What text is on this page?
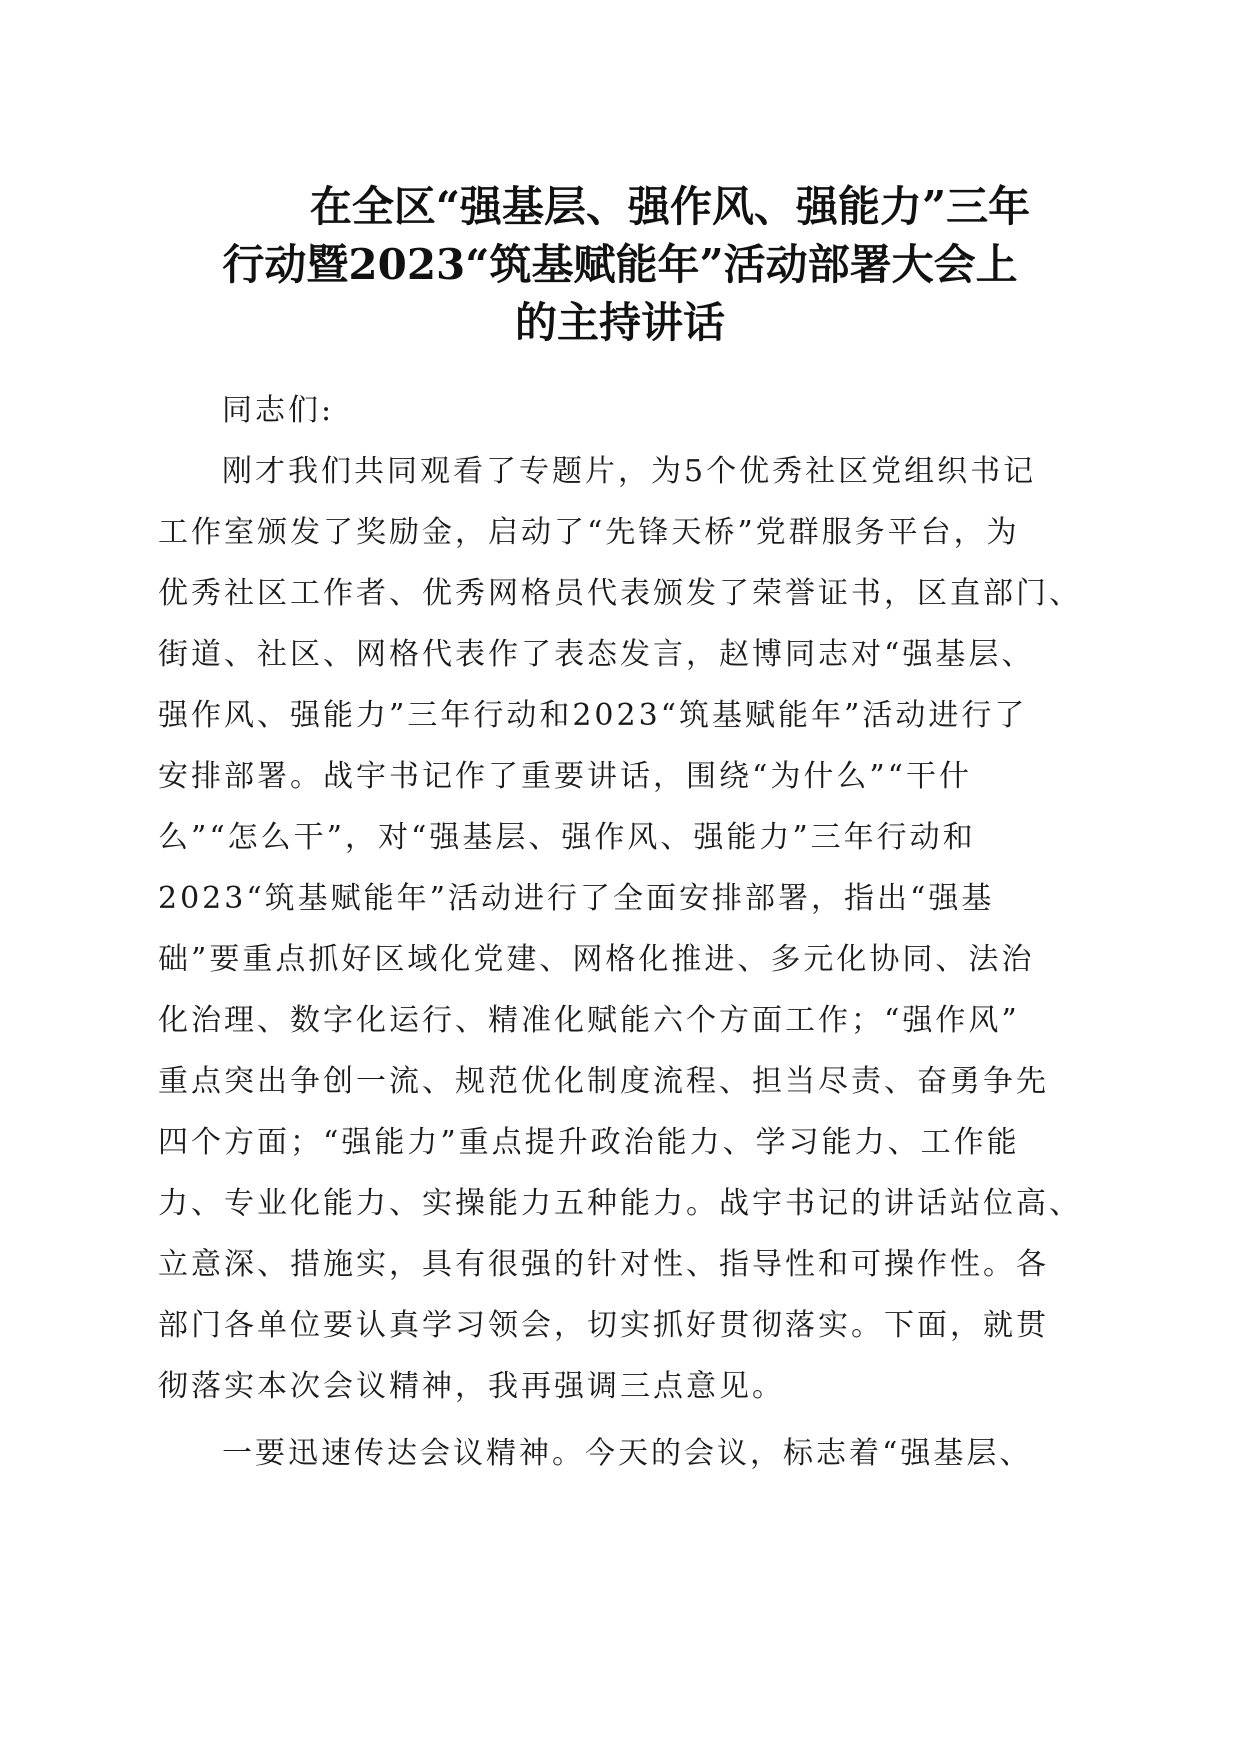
在全区“强基层、强作风、强能力”三年
行动暨2023“筑基赋能年”活动部署大会上
的主持讲话
同志们:
刚才我们共同观看了专题片，为5个优秀社区党组织书记
工作室颁发了奖励金，启动了“先锋天桥”党群服务平台，为
优秀社区工作者、优秀网格员代表颁发了荣誉证书，区直部门、
街道、社区、网格代表作了表态发言，赵博同志对“强基层、
强作风、强能力”三年行动和2023“筑基赋能年”活动进行了
安排部署。战宇书记作了重要讲话，围绕“为什么”“干什
么”“怎么干”，对“强基层、强作风、强能力”三年行动和
2023“筑基赋能年”活动进行了全面安排部署，指出“强基
础”要重点抓好区域化党建、网格化推进、多元化协同、法治
化治理、数字化运行、精准化赋能六个方面工作；“强作风”
重点突出争创一流、规范优化制度流程、担当尽责、奋勇争先
四个方面；“强能力”重点提升政治能力、学习能力、工作能
力、专业化能力、实操能力五种能力。战宇书记的讲话站位高、
立意深、措施实，具有很强的针对性、指导性和可操作性。各
部门各单位要认真学习领会，切实抓好贯彻落实。下面，就贯
彻落实本次会议精神，我再强调三点意见。
一要迅速传达会议精神。今天的会议，标志着“强基层、
